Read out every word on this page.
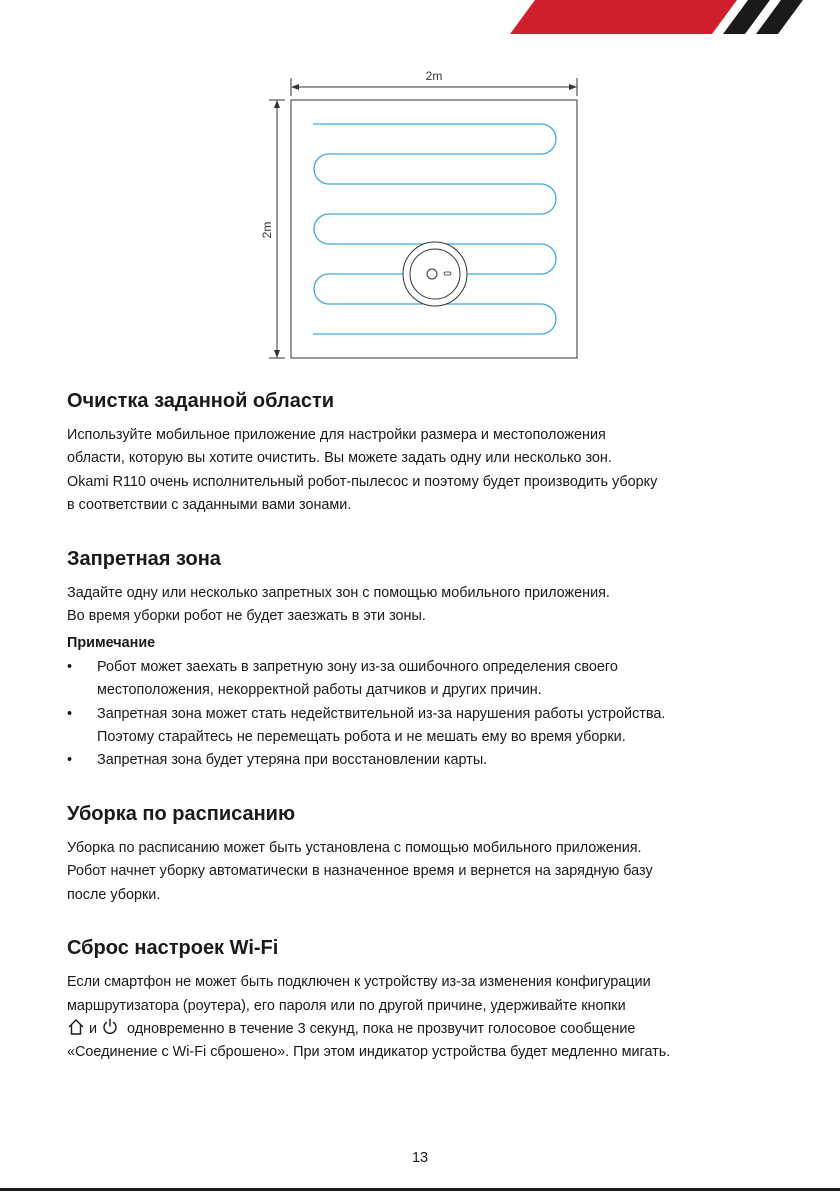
2m
2m
Очистка заданной области

Используйте мобильное приложение для настройки размера и местоположения
области, которую вы хотите очистить. Вы можете задать одну или несколько зон.
Okami R110 очень исполнительный робот-пылесос и поэтому будет производить уборку
в соответствии с заданными вами зонами.

Запретная зона

Задайте одну или несколько запретных зон с помощью мобильного приложения.
Во время уборки робот не будет заезжать в эти зоны.

Примечание
• Робот может заехать в запретную зону из-за ошибочного определения своего
местоположения, некорректной работы датчиков и других причин.
• Запретная зона может стать недействительной из-за нарушения работы устройства.
Поэтому старайтесь не перемещать робота и не мешать ему во время уборки.
• Запретная зона будет утеряна при восстановлении карты.
Уборка по расписанию

Уборка по расписанию может быть установлена с помощью мобильного приложения.
Робот начнет уборку автоматически в назначенное время и вернется на зарядную базу
после уборки.

Сброс настроек Wi-Fi

Если смартфон не может быть подключен к устройству из-за изменения конфигурации
маршрутизатора (роутера), его пароля или по другой причине, удерживайте кнопки
и одновременно в течение 3 секунд, пока не прозвучит голосовое сообщение
«Соединение с Wi-Fi сброшено». При этом индикатор устройства будет медленно мигать.

13
